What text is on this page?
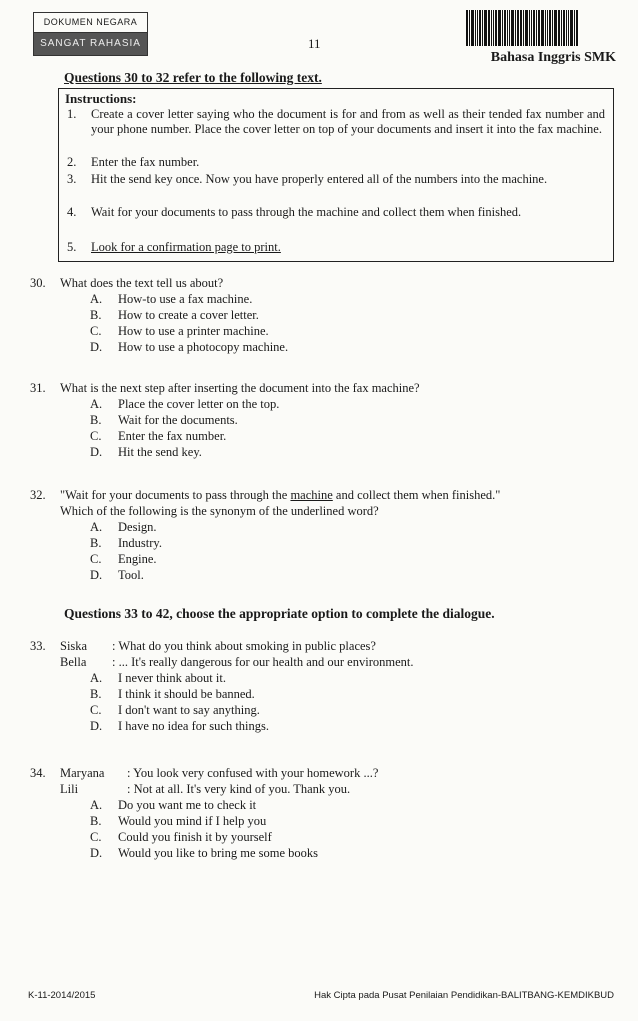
DOKUMEN NEGARA
SANGAT RAHASIA	11
Bahasa Inggris SMK
Questions 30 to 32 refer to the following text.
Instructions:
1.	Create a cover letter saying who the document is for and from as well as their tended fax number and your phone number. Place the cover letter on top of your documents and insert it into the fax machine.
2.	Enter the fax number.
3.	Hit the send key once. Now you have properly entered all of the numbers into the machine.
4.	Wait for your documents to pass through the machine and collect them when finished.
5.	Look for a confirmation page to print.
30.	What does the text tell us about?
A. How-to use a fax machine.
B. How to create a cover letter.
C. How to use a printer machine.
D. How to use a photocopy machine.
31.	What is the next step after inserting the document into the fax machine?
A. Place the cover letter on the top.
B. Wait for the documents.
C. Enter the fax number.
D. Hit the send key.
32.	"Wait for your documents to pass through the machine and collect them when finished."
Which of the following is the synonym of the underlined word?
A. Design.
B. Industry.
C. Engine.
D. Tool.
Questions 33 to 42, choose the appropriate option to complete the dialogue.
33.	Siska : What do you think about smoking in public places?
Bella : ... It's really dangerous for our health and our environment.
A. I never think about it.
B. I think it should be banned.
C. I don't want to say anything.
D. I have no idea for such things.
34.	Maryana : You look very confused with your homework ...?
Lili	: Not at all. It's very kind of you. Thank you.
A. Do you want me to check it
B. Would you mind if I help you
C. Could you finish it by yourself
D. Would you like to bring me some books
K-11-2014/2015	Hak Cipta pada Pusat Penilaian Pendidikan-BALITBANG-KEMDIKBUD
